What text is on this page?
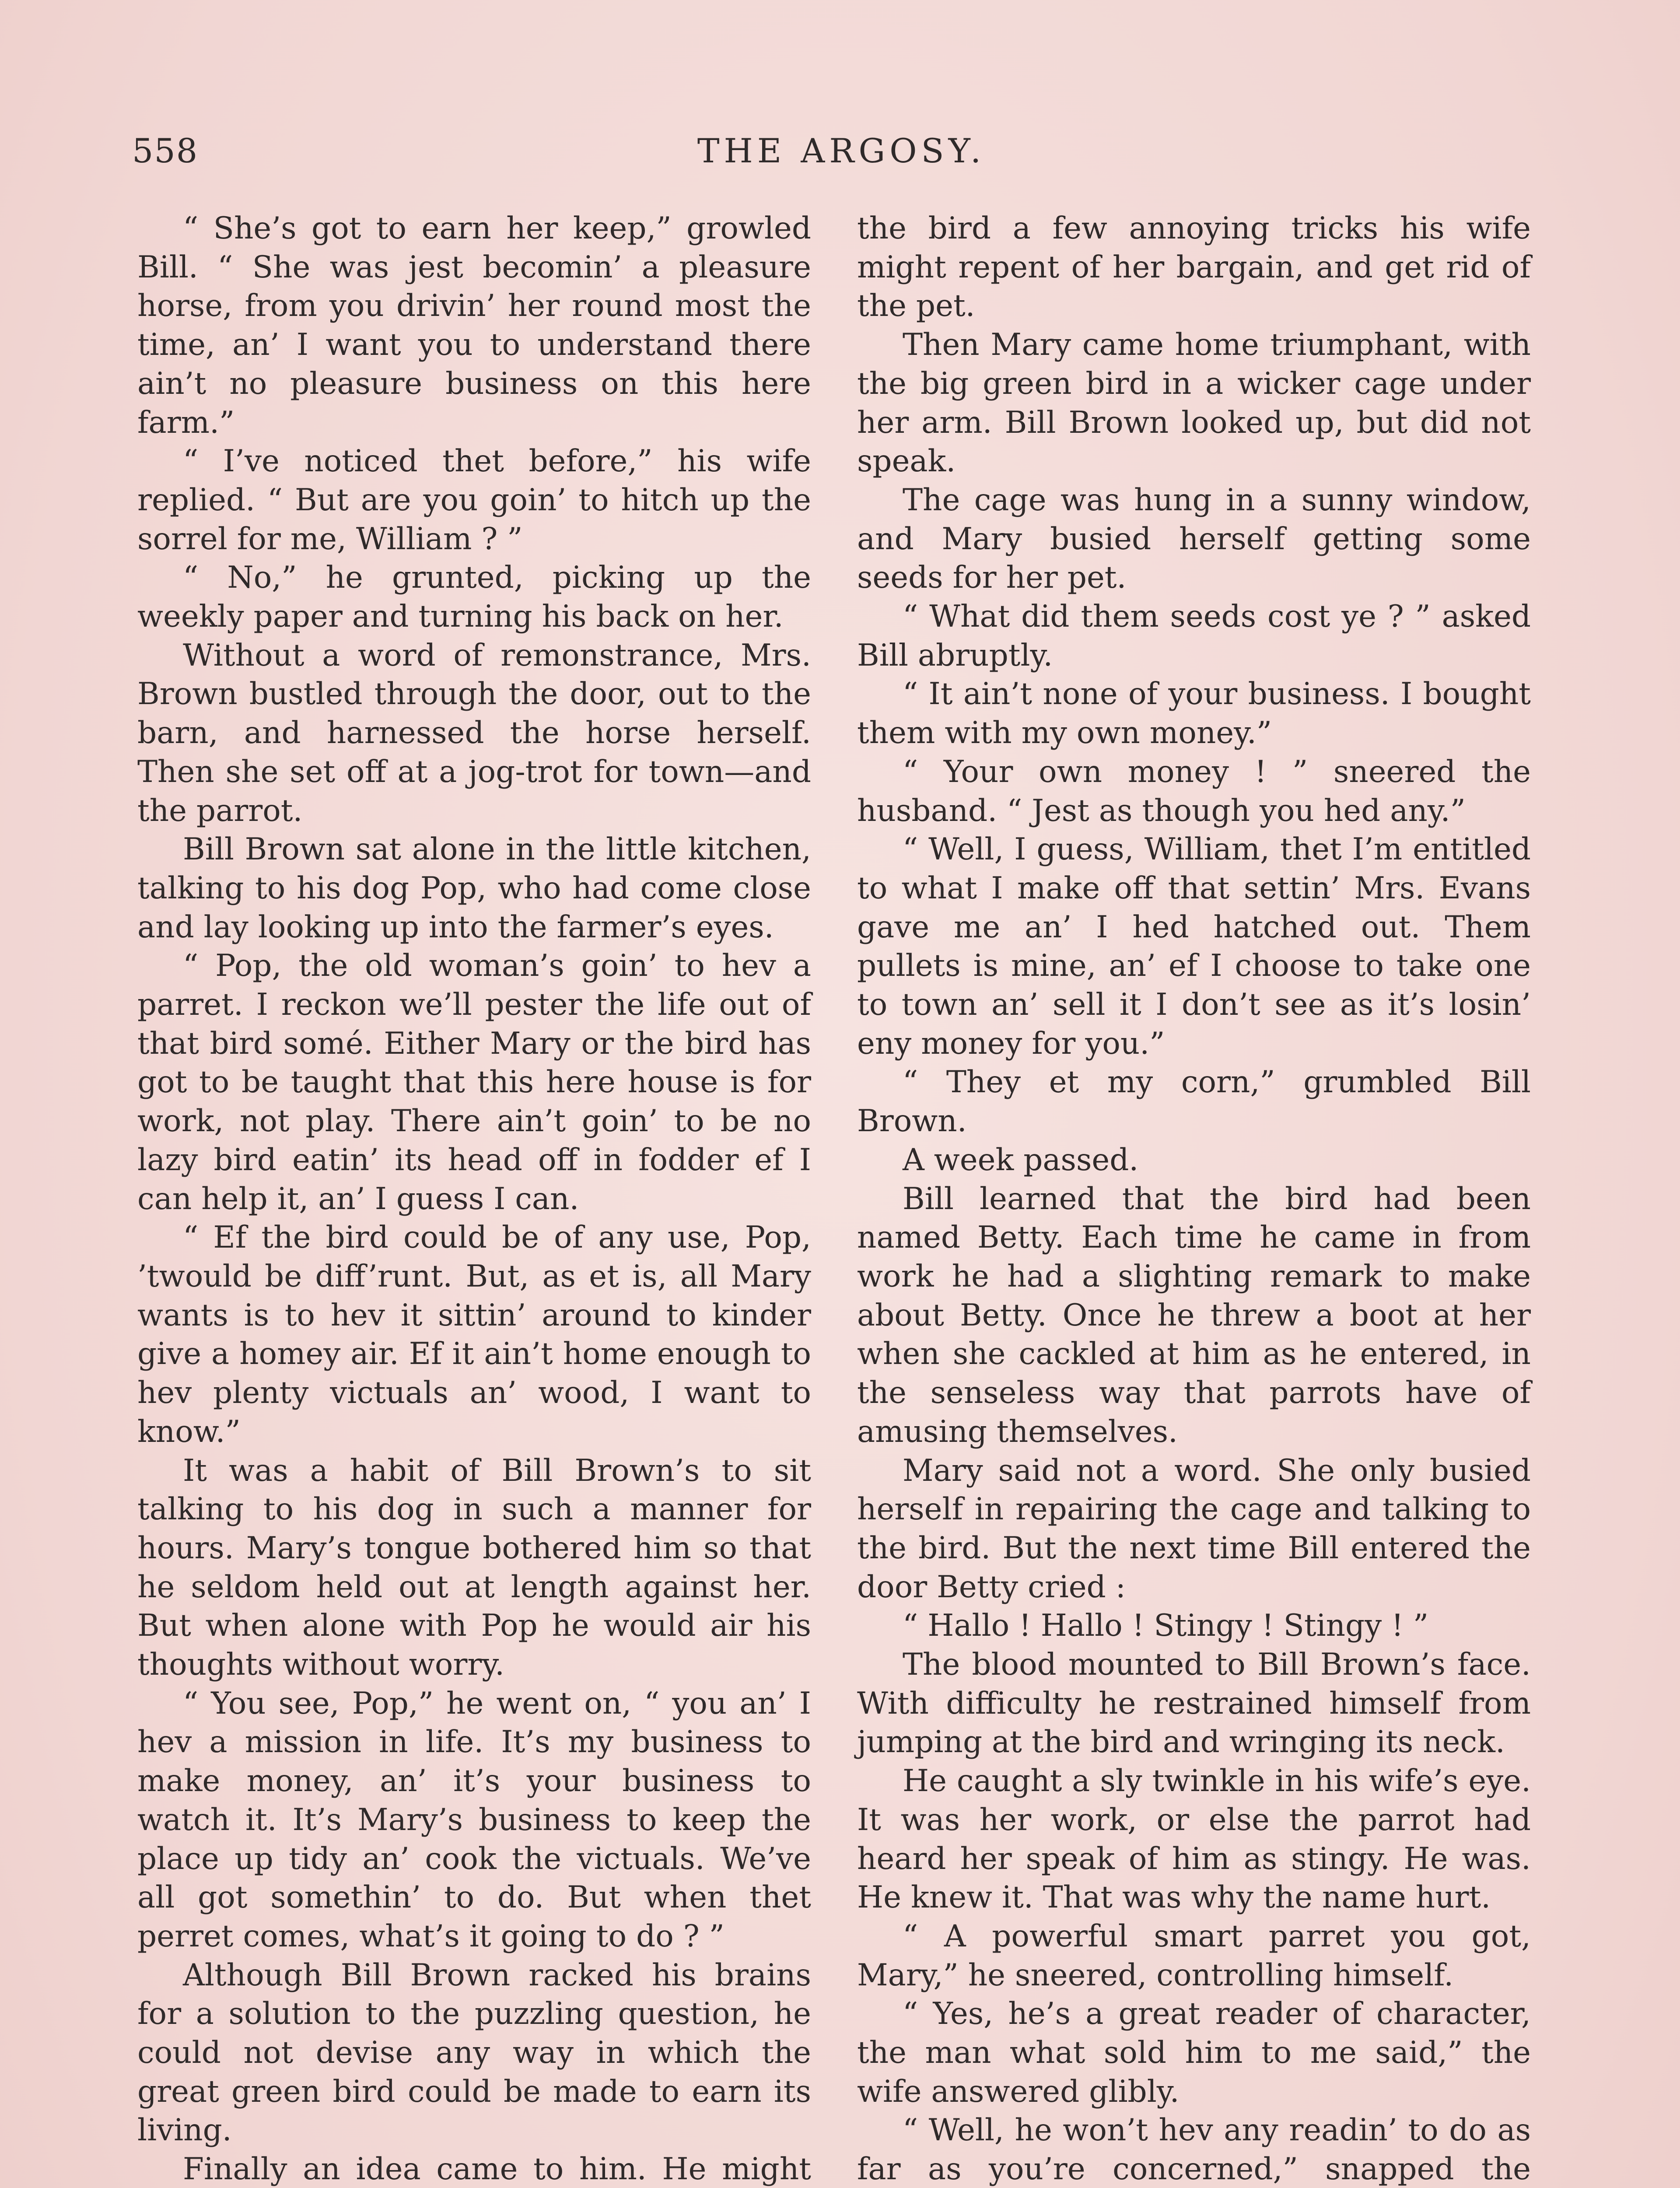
558	THE ARGOSY.

“ She’s got to earn her keep,” growled Bill. “ She was jest becomin’ a pleasure horse, from you drivin’ her round most the time, an’ I want you to understand there ain’t no pleasure business on this here farm.”

“ I’ve noticed thet before,” his wife replied. “ But are you goin’ to hitch up the sorrel for me, William ? ”

“ No,” he grunted, picking up the weekly paper and turning his back on her.

Without a word of remonstrance, Mrs. Brown bustled through the door, out to the barn, and harnessed the horse herself. Then she set off at a jog-trot for town—and the parrot.

Bill Brown sat alone in the little kitchen, talking to his dog Pop, who had come close and lay looking up into the farmer’s eyes.

“ Pop, the old woman’s goin’ to hev a parret. I reckon we’ll pester the life out of that bird somé. Either Mary or the bird has got to be taught that this here house is for work, not play. There ain’t goin’ to be no lazy bird eatin’ its head off in fodder ef I can help it, an’ I guess I can.

“ Ef the bird could be of any use, Pop, ’twould be diff’runt. But, as et is, all Mary wants is to hev it sittin’ around to kinder give a homey air. Ef it ain’t home enough to hev plenty victuals an’ wood, I want to know.”

It was a habit of Bill Brown’s to sit talking to his dog in such a manner for hours. Mary’s tongue bothered him so that he seldom held out at length against her. But when alone with Pop he would air his thoughts without worry.

“ You see, Pop,” he went on, “ you an’ I hev a mission in life. It’s my business to make money, an’ it’s your business to watch it. It’s Mary’s business to keep the place up tidy an’ cook the victuals. We’ve all got somethin’ to do. But when thet perret comes, what’s it going to do ? ”

Although Bill Brown racked his brains for a solution to the puzzling question, he could not devise any way in which the great green bird could be made to earn its living.

Finally an idea came to him. He might

the bird a few annoying tricks his wife might repent of her bargain, and get rid of the pet.

Then Mary came home triumphant, with the big green bird in a wicker cage under her arm. Bill Brown looked up, but did not speak.

The cage was hung in a sunny window, and Mary busied herself getting some seeds for her pet.

“ What did them seeds cost ye ? ” asked Bill abruptly.

“ It ain’t none of your business. I bought them with my own money.”

“ Your own money ! ” sneered the husband. “ Jest as though you hed any.”

“ Well, I guess, William, thet I’m entitled to what I make off that settin’ Mrs. Evans gave me an’ I hed hatched out. Them pullets is mine, an’ ef I choose to take one to town an’ sell it I don’t see as it’s losin’ eny money for you.”

“ They et my corn,” grumbled Bill Brown.

A week passed.

Bill learned that the bird had been named Betty. Each time he came in from work he had a slighting remark to make about Betty. Once he threw a boot at her when she cackled at him as he entered, in the senseless way that parrots have of amusing themselves.

Mary said not a word. She only busied herself in repairing the cage and talking to the bird. But the next time Bill entered the door Betty cried :

“ Hallo ! Hallo ! Stingy ! Stingy ! ”

The blood mounted to Bill Brown’s face. With difficulty he restrained himself from jumping at the bird and wringing its neck.

He caught a sly twinkle in his wife’s eye. It was her work, or else the parrot had heard her speak of him as stingy. He was. He knew it. That was why the name hurt.

“ A powerful smart parret you got, Mary,” he sneered, controlling himself.

“ Yes, he’s a great reader of character, the man what sold him to me said,” the wife answered glibly.

“ Well, he won’t hev any readin’ to do as far as you’re concerned,” snapped the
